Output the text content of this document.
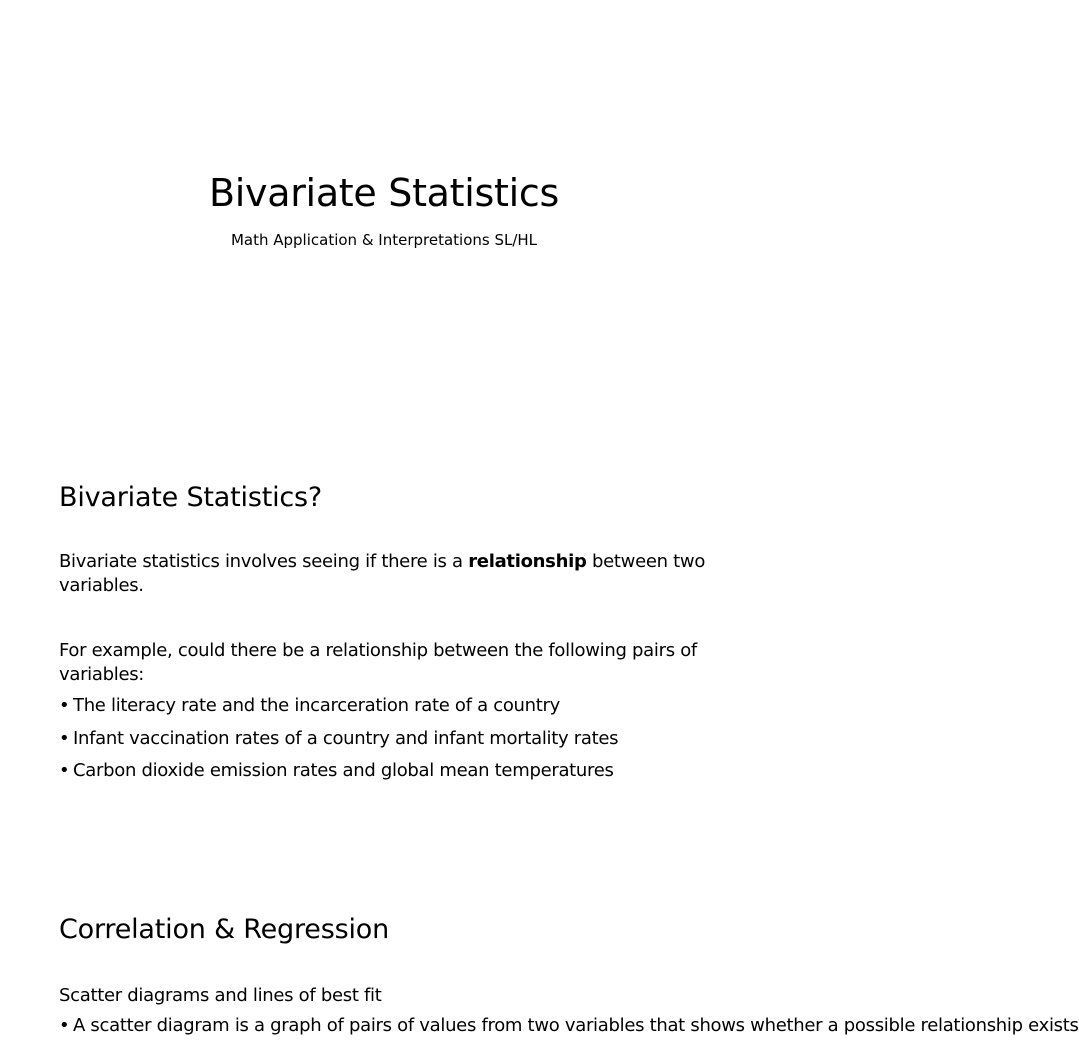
Bivariate Statistics
Math Application & Interpretations SL/HL
Bivariate Statistics?
Bivariate statistics involves seeing if there is a relationship between two variables.
For example, could there be a relationship between the following pairs of variables:
• The literacy rate and the incarceration rate of a country
• Infant vaccination rates of a country and infant mortality rates
• Carbon dioxide emission rates and global mean temperatures
Correlation & Regression
Scatter diagrams and lines of best fit
• A scatter diagram is a graph of pairs of values from two variables that shows whether a possible relationship exists
